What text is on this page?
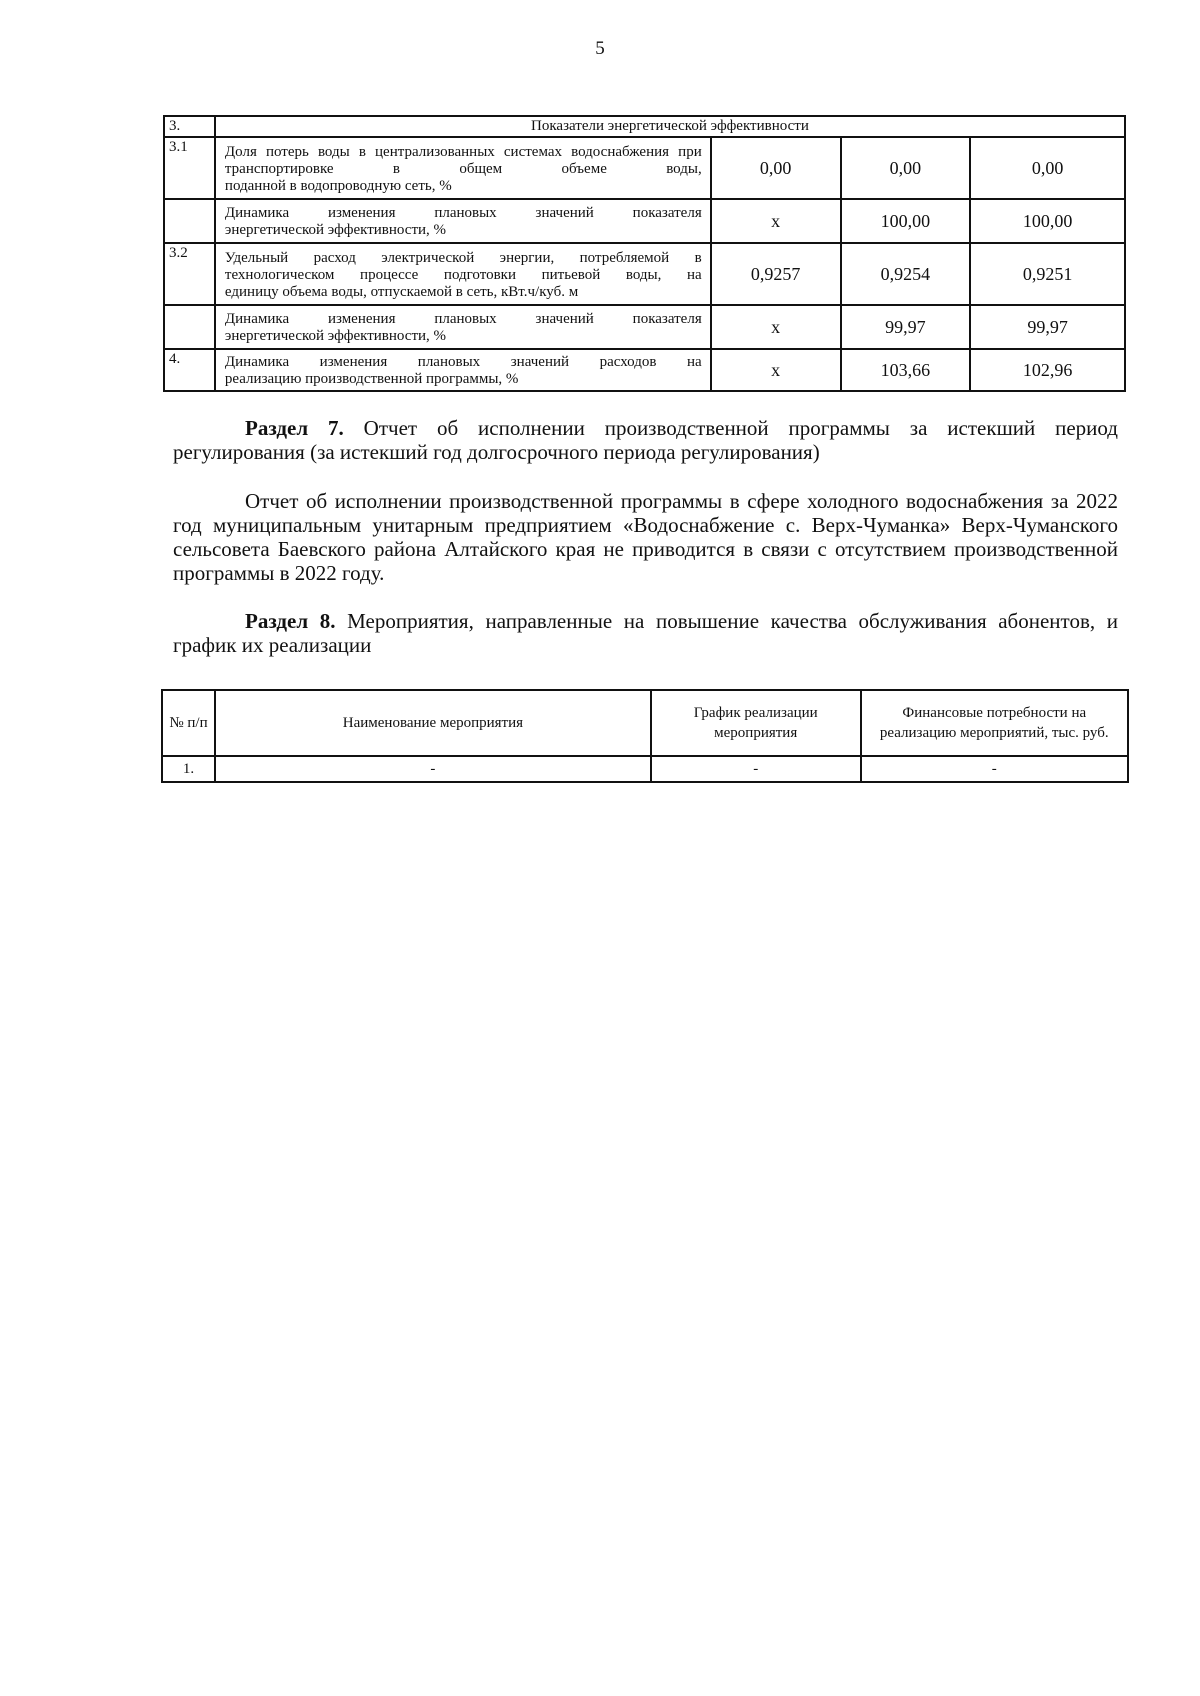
5
3.	Показатели энергетической эффективности			
3.1	Доля потерь воды в централизованных системах водоснабжения при транспортировке в общем объеме воды,
поданной в водопроводную сеть, %	0,00	0,00	0,00
	Динамика изменения плановых значений показателя
энергетической эффективности, %	х	100,00	100,00
3.2	Удельный расход электрической энергии, потребляемой в технологическом процессе подготовки питьевой воды, на
единицу объема воды, отпускаемой в сеть, кВт.ч/куб. м	0,9257	0,9254	0,9251
	Динамика изменения плановых значений показателя
энергетической эффективности, %	х	99,97	99,97
4.	Динамика изменения плановых значений расходов на
реализацию производственной программы, %	х	103,66	102,96
Раздел 7. Отчет об исполнении производственной программы за истекший период регулирования (за истекший год долгосрочного периода регулирования)
Отчет об исполнении производственной программы в сфере холодного водоснабжения за 2022 год муниципальным унитарным предприятием «Водоснабжение с. Верх-Чуманка» Верх-Чуманского сельсовета Баевского района Алтайского края не приводится в связи с отсутствием производственной программы в 2022 году.
Раздел 8. Мероприятия, направленные на повышение качества обслуживания абонентов, и график их реализации
№ п/п	Наименование мероприятия	График реализации мероприятия	Финансовые потребности на реализацию мероприятий, тыс. руб.
1.	-	-	-
